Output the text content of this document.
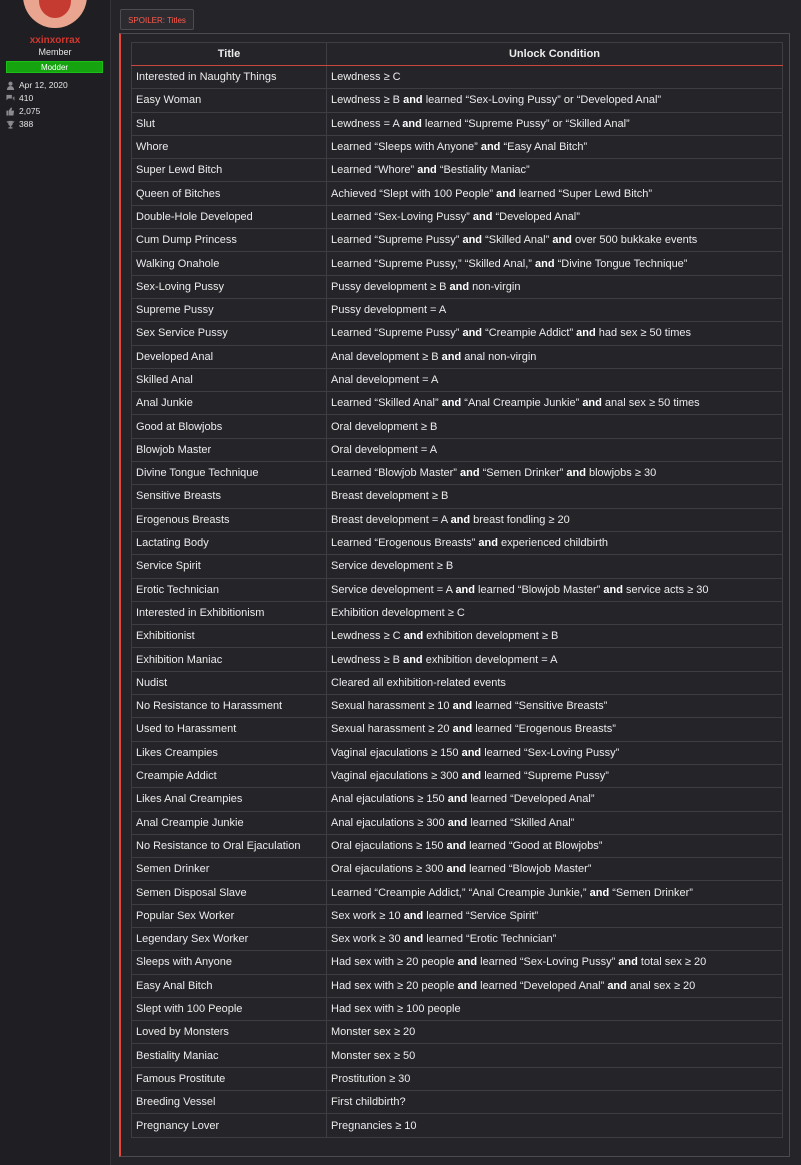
xxinxorrax
Member
Modder
Apr 12, 2020
410
2,075
388
SPOILER: Titles
Title	Unlock Condition
Interested in Naughty Things	Lewdness ≥ C
Easy Woman	Lewdness ≥ B and learned “Sex-Loving Pussy” or “Developed Anal”
Slut	Lewdness = A and learned “Supreme Pussy” or “Skilled Anal”
Whore	Learned “Sleeps with Anyone” and “Easy Anal Bitch”
Super Lewd Bitch	Learned “Whore” and “Bestiality Maniac”
Queen of Bitches	Achieved “Slept with 100 People” and learned “Super Lewd Bitch”
Double-Hole Developed	Learned “Sex-Loving Pussy” and “Developed Anal”
Cum Dump Princess	Learned “Supreme Pussy” and “Skilled Anal” and over 500 bukkake events
Walking Onahole	Learned “Supreme Pussy,” “Skilled Anal,” and “Divine Tongue Technique”
Sex-Loving Pussy	Pussy development ≥ B and non-virgin
Supreme Pussy	Pussy development = A
Sex Service Pussy	Learned “Supreme Pussy” and “Creampie Addict” and had sex ≥ 50 times
Developed Anal	Anal development ≥ B and anal non-virgin
Skilled Anal	Anal development = A
Anal Junkie	Learned “Skilled Anal” and “Anal Creampie Junkie” and anal sex ≥ 50 times
Good at Blowjobs	Oral development ≥ B
Blowjob Master	Oral development = A
Divine Tongue Technique	Learned “Blowjob Master” and “Semen Drinker” and blowjobs ≥ 30
Sensitive Breasts	Breast development ≥ B
Erogenous Breasts	Breast development = A and breast fondling ≥ 20
Lactating Body	Learned “Erogenous Breasts” and experienced childbirth
Service Spirit	Service development ≥ B
Erotic Technician	Service development = A and learned “Blowjob Master” and service acts ≥ 30
Interested in Exhibitionism	Exhibition development ≥ C
Exhibitionist	Lewdness ≥ C and exhibition development ≥ B
Exhibition Maniac	Lewdness ≥ B and exhibition development = A
Nudist	Cleared all exhibition-related events
No Resistance to Harassment	Sexual harassment ≥ 10 and learned “Sensitive Breasts”
Used to Harassment	Sexual harassment ≥ 20 and learned “Erogenous Breasts”
Likes Creampies	Vaginal ejaculations ≥ 150 and learned “Sex-Loving Pussy”
Creampie Addict	Vaginal ejaculations ≥ 300 and learned “Supreme Pussy”
Likes Anal Creampies	Anal ejaculations ≥ 150 and learned “Developed Anal”
Anal Creampie Junkie	Anal ejaculations ≥ 300 and learned “Skilled Anal”
No Resistance to Oral Ejaculation	Oral ejaculations ≥ 150 and learned “Good at Blowjobs”
Semen Drinker	Oral ejaculations ≥ 300 and learned “Blowjob Master”
Semen Disposal Slave	Learned “Creampie Addict,” “Anal Creampie Junkie,” and “Semen Drinker”
Popular Sex Worker	Sex work ≥ 10 and learned “Service Spirit”
Legendary Sex Worker	Sex work ≥ 30 and learned “Erotic Technician”
Sleeps with Anyone	Had sex with ≥ 20 people and learned “Sex-Loving Pussy” and total sex ≥ 20
Easy Anal Bitch	Had sex with ≥ 20 people and learned “Developed Anal” and anal sex ≥ 20
Slept with 100 People	Had sex with ≥ 100 people
Loved by Monsters	Monster sex ≥ 20
Bestiality Maniac	Monster sex ≥ 50
Famous Prostitute	Prostitution ≥ 30
Breeding Vessel	First childbirth?
Pregnancy Lover	Pregnancies ≥ 10
